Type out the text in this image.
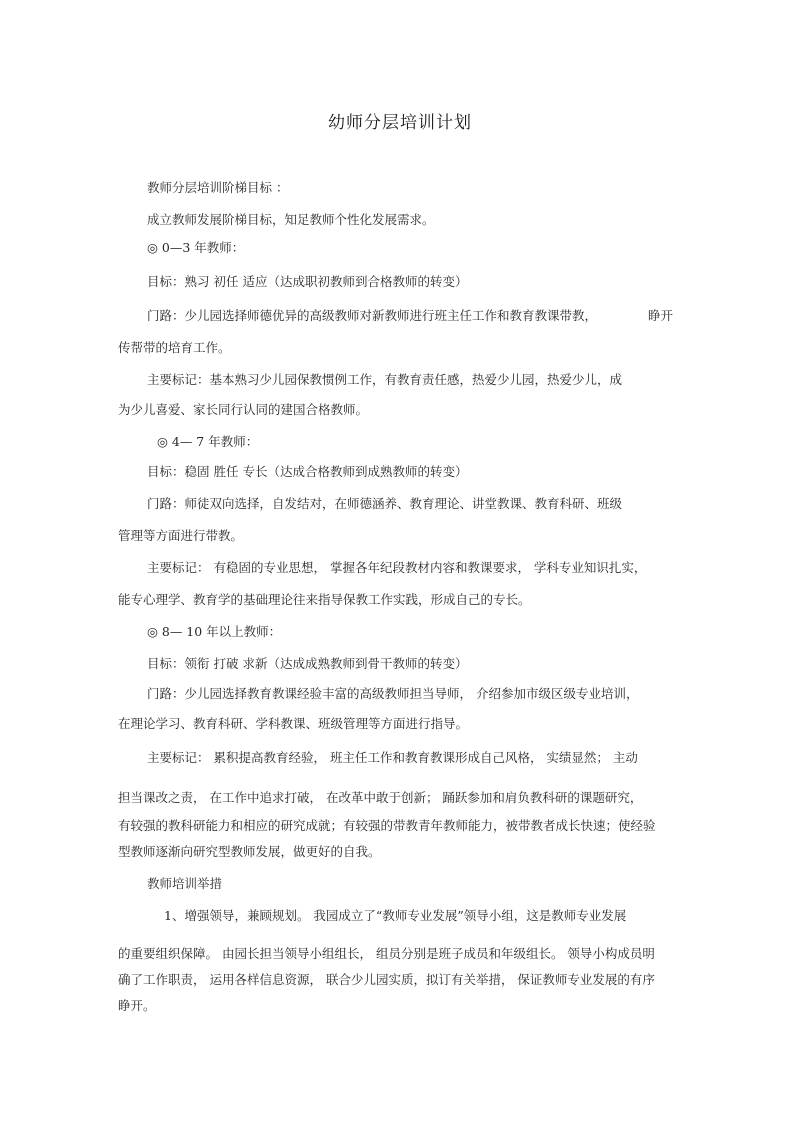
幼师分层培训计划
教师分层培训阶梯目标 ：
成立教师发展阶梯目标，知足教师个性化发展需求。
◎ 0—3 年教师：
目标：熟习 初任 适应（达成职初教师到合格教师的转变）
门路：少儿园选择师德优异的高级教师对新教师进行班主任工作和教育教课带教，	睁开
传帮带的培育工作。
主要标记：基本熟习少儿园保教惯例工作，有教育责任感，热爱少儿园，热爱少儿，成
为少儿喜爱、家长同行认同的建国合格教师。
◎ 4— 7 年教师：
目标：稳固 胜任 专长（达成合格教师到成熟教师的转变）
门路：师徒双向选择，自发结对，在师德涵养、教育理论、讲堂教课、教育科研、班级
管理等方面进行带教。
主要标记： 有稳固的专业思想， 掌握各年纪段教材内容和教课要求， 学科专业知识扎实，
能专心理学、教育学的基础理论往来指导保教工作实践，形成自己的专长。
◎ 8— 10 年以上教师：
目标：领衔 打破 求新（达成成熟教师到骨干教师的转变）
门路：少儿园选择教育教课经验丰富的高级教师担当导师， 介绍参加市级区级专业培训，
在理论学习、教育科研、学科教课、班级管理等方面进行指导。
主要标记： 累积提高教育经验， 班主任工作和教育教课形成自己风格， 实绩显然； 主动
担当课改之责， 在工作中追求打破， 在改革中敢于创新； 踊跃参加和肩负教科研的课题研究，
有较强的教科研能力和相应的研究成就；有较强的带教青年教师能力，被带教者成长快速；使经验
型教师逐渐向研究型教师发展，做更好的自我。
教师培训举措
1、增强领导，兼顾规划。 我园成立了“教师专业发展”领导小组，这是教师专业发展
的重要组织保障。 由园长担当领导小组组长， 组员分别是班子成员和年级组长。 领导小构成员明
确了工作职责， 运用各样信息资源， 联合少儿园实质，拟订有关举措， 保证教师专业发展的有序
睁开。
